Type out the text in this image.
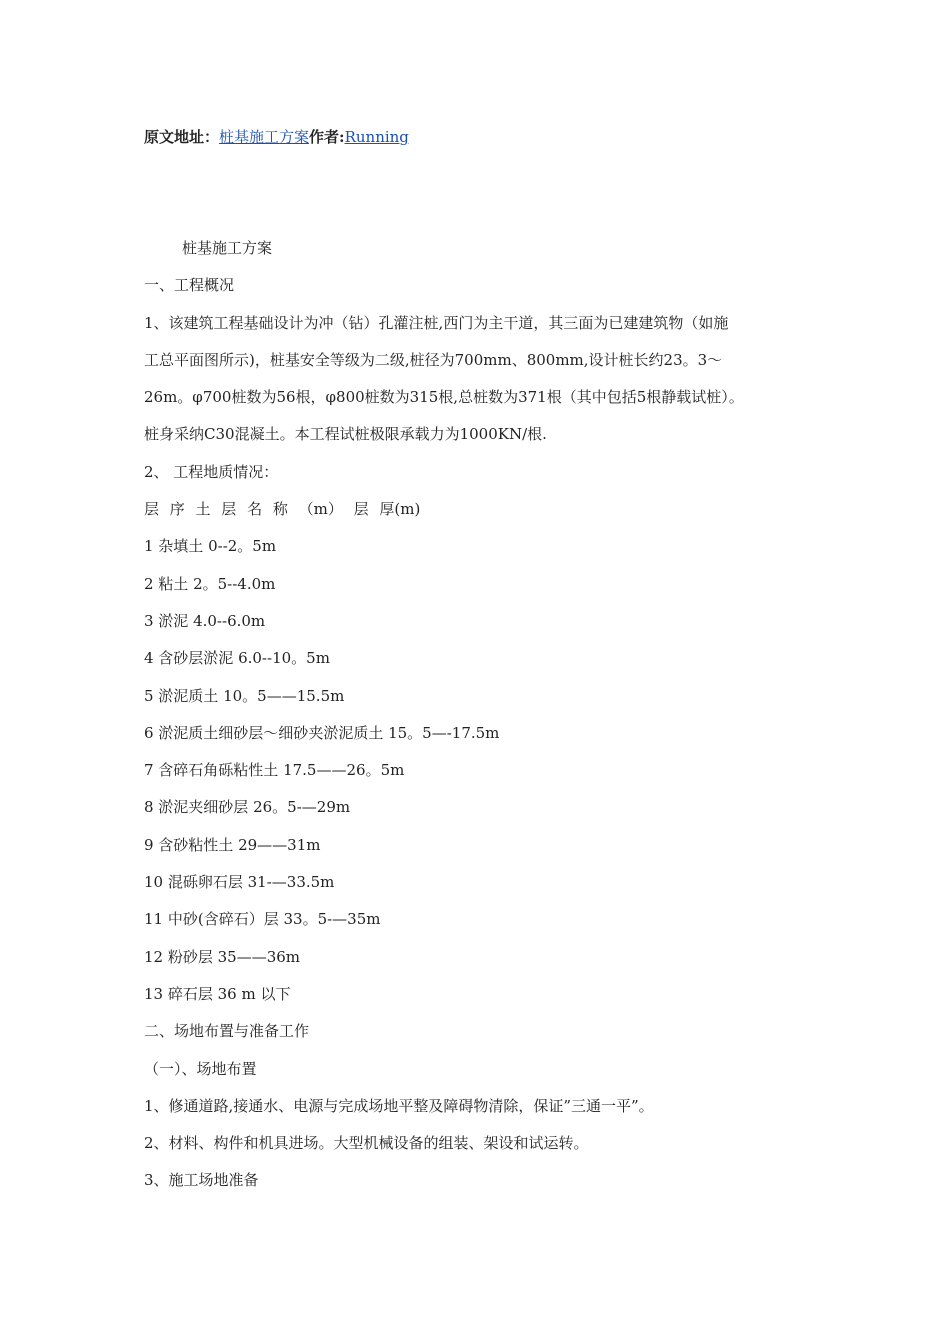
原文地址：桩基施工方案作者:Running
桩基施工方案
一、工程概况
1、该建筑工程基础设计为冲（钻）孔灌注桩,西门为主干道，其三面为已建建筑物（如施
工总平面图所示)，桩基安全等级为二级,桩径为700mm、800mm,设计桩长约23。3～
26m。φ700桩数为56根，φ800桩数为315根,总桩数为371根（其中包括5根静载试桩）。
桩身采纳C30混凝土。本工程试桩极限承载力为1000KN/根.
2、 工程地质情况：
层 序 土 层 名 称 （m） 层 厚(m)
1 杂填土 0--2。5m
2 粘土 2。5--4.0m
3 淤泥 4.0--6.0m
4 含砂层淤泥 6.0--10。5m
5 淤泥质土 10。5——15.5m
6 淤泥质土细砂层～细砂夹淤泥质土 15。5—-17.5m
7 含碎石角砾粘性土 17.5——26。5m
8 淤泥夹细砂层 26。5-—29m
9 含砂粘性土 29——31m
10 混砾卵石层 31-—33.5m
11 中砂(含碎石）层 33。5-—35m
12 粉砂层 35——36m
13 碎石层 36 m 以下
二、场地布置与准备工作
（一）、场地布置
1、修通道路,接通水、电源与完成场地平整及障碍物清除，保证”三通一平”。
2、材料、构件和机具进场。大型机械设备的组装、架设和试运转。
3、施工场地准备
